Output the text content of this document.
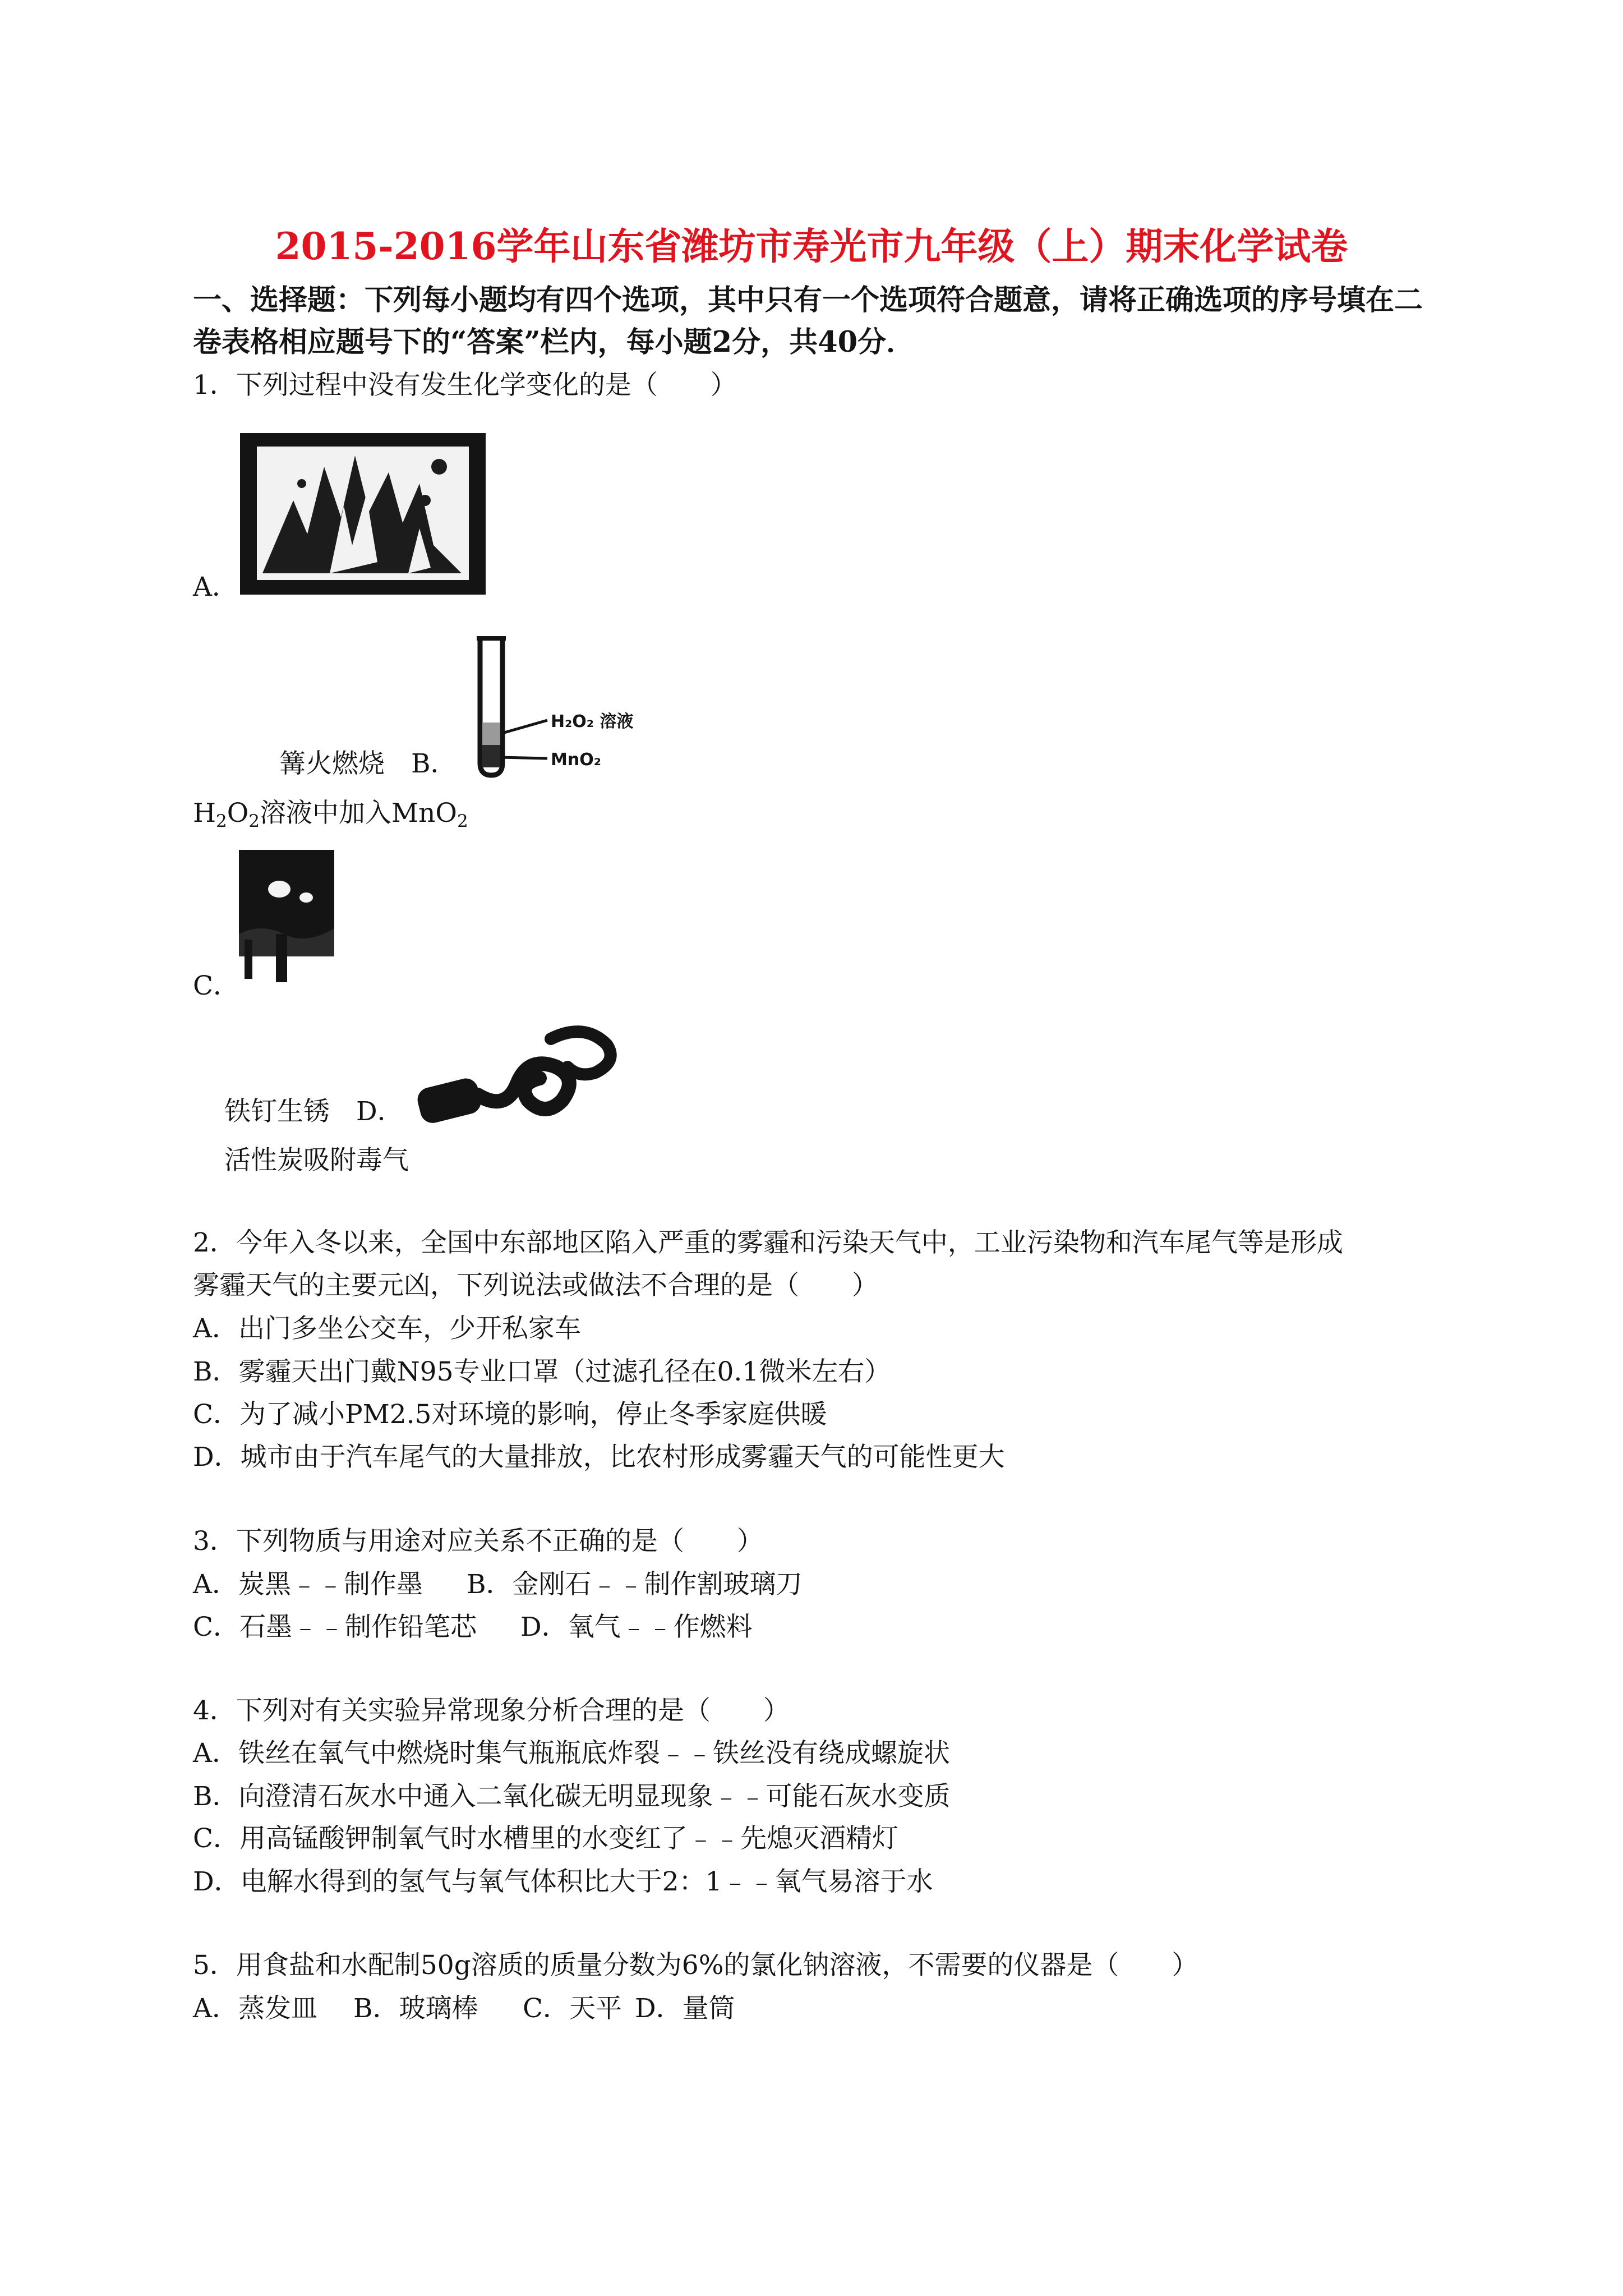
2015-2016学年山东省潍坊市寿光市九年级（上）期末化学试卷
一、选择题：下列每小题均有四个选项，其中只有一个选项符合题意，请将正确选项的序号填在二
卷表格相应题号下的“答案”栏内，每小题2分，共40分．
1．下列过程中没有发生化学变化的是（　　）
A．
H₂O₂ 溶液
MnO₂
篝火燃烧　 B．
$H_2O_2$溶液中加入MnO$_2$
C．
铁钉生锈　 D．
活性炭吸附毒气
2．今年入冬以来，全国中东部地区陷入严重的雾霾和污染天气中，工业污染物和汽车尾气等是形成
雾霾天气的主要元凶，下列说法或做法不合理的是（　　）
A．出门多坐公交车，少开私家车
B．雾霾天出门戴N95专业口罩（过滤孔径在0.1微米左右）
C．为了减小PM2.5对环境的影响，停止冬季家庭供暖
D．城市由于汽车尾气的大量排放，比农村形成雾霾天气的可能性更大
3．下列物质与用途对应关系不正确的是（　　）
A．炭黑﹣﹣制作墨 B．金刚石﹣﹣制作割玻璃刀
C．石墨﹣﹣制作铅笔芯 D．氧气﹣﹣作燃料
4．下列对有关实验异常现象分析合理的是（　　）
A．铁丝在氧气中燃烧时集气瓶瓶底炸裂﹣﹣铁丝没有绕成螺旋状
B．向澄清石灰水中通入二氧化碳无明显现象﹣﹣可能石灰水变质
C．用高锰酸钾制氧气时水槽里的水变红了﹣﹣先熄灭酒精灯
D．电解水得到的氢气与氧气体积比大于2：1﹣﹣氧气易溶于水
5．用食盐和水配制50g溶质的质量分数为6%的氯化钠溶液，不需要的仪器是（　　）
A．蒸发皿 B．玻璃棒 C．天平 D．量筒
